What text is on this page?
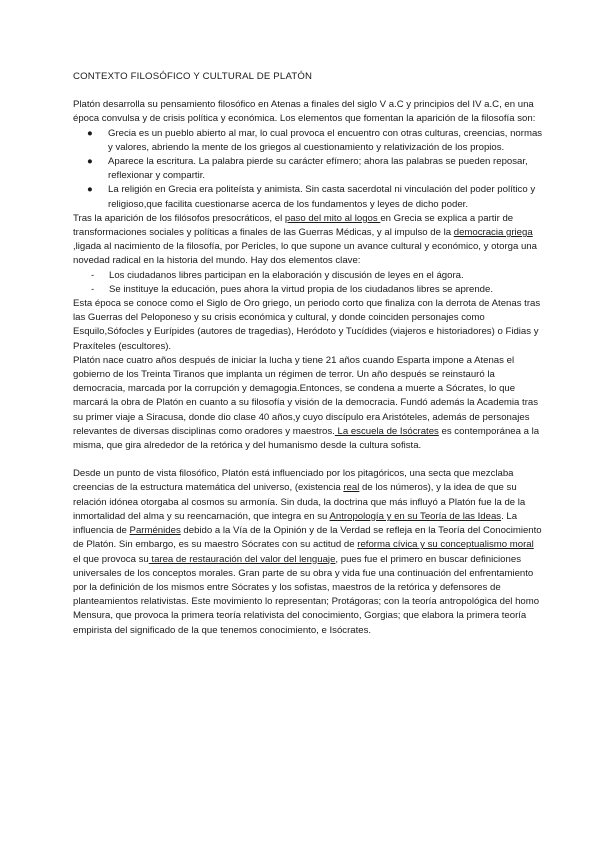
CONTEXTO FILOSÓFICO Y CULTURAL DE PLATÓN

Platón desarrolla su pensamiento filosófico en Atenas a finales del siglo V a.C y principios del IV a.C, en una época convulsa y de crisis política y económica. Los elementos que fomentan la aparición de la filosofía son:

● Grecia es un pueblo abierto al mar, lo cual provoca el encuentro con otras culturas, creencias, normas y valores, abriendo la mente de los griegos al cuestionamiento y relativización de los propios.
● Aparece la escritura. La palabra pierde su carácter efímero; ahora las palabras se pueden reposar, reflexionar y compartir.
● La religión en Grecia era politeísta y animista. Sin casta sacerdotal ni vinculación del poder político y religioso,que facilita cuestionarse acerca de los fundamentos y leyes de dicho poder.

Tras la aparición de los filósofos presocráticos, el paso del mito al logos en Grecia se explica a partir de transformaciones sociales y políticas a finales de las Guerras Médicas, y al impulso de la democracia griega ,ligada al nacimiento de la filosofía, por Pericles, lo que supone un avance cultural y económico, y otorga una novedad radical en la historia del mundo. Hay dos elementos clave:

- Los ciudadanos libres participan en la elaboración y discusión de leyes en el ágora.
- Se instituye la educación, pues ahora la virtud propia de los ciudadanos libres se aprende.

Esta época se conoce como el Siglo de Oro griego, un periodo corto que finaliza con la derrota de Atenas tras las Guerras del Peloponeso y su crisis económica y cultural, y donde coinciden personajes como Esquilo,Sófocles y Eurípides (autores de tragedias), Heródoto y Tucídides (viajeros e historiadores) o Fidias y Praxíteles (escultores).

Platón nace cuatro años después de iniciar la lucha y tiene 21 años cuando Esparta impone a Atenas el gobierno de los Treinta Tiranos que implanta un régimen de terror. Un año después se reinstauró la democracia, marcada por la corrupción y demagogia.Entonces, se condena a muerte a Sócrates, lo que marcará la obra de Platón en cuanto a su filosofía y visión de la democracia. Fundó además la Academia tras su primer viaje a Siracusa, donde dio clase 40 años,y cuyo discípulo era Aristóteles, además de personajes relevantes de diversas disciplinas como oradores y maestros. La escuela de Isócrates es contemporánea a la misma, que gira alrededor de la retórica y del humanismo desde la cultura sofista.

Desde un punto de vista filosófico, Platón está influenciado por los pitagóricos, una secta que mezclaba creencias de la estructura matemática del universo, (existencia real de los números), y la idea de que su relación idónea otorgaba al cosmos su armonía. Sin duda, la doctrina que más influyó a Platón fue la de la inmortalidad del alma y su reencarnación, que integra en su Antropología y en su Teoría de las Ideas. La influencia de Parménides debido a la Vía de la Opinión y de la Verdad se refleja en la Teoría del Conocimiento de Platón. Sin embargo, es su maestro Sócrates con su actitud de reforma cívica y su conceptualismo moral el que provoca su tarea de restauración del valor del lenguaje, pues fue el primero en buscar definiciones universales de los conceptos morales. Gran parte de su obra y vida fue una continuación del enfrentamiento por la definición de los mismos entre Sócrates y los sofistas, maestros de la retórica y defensores de planteamientos relativistas. Este movimiento lo representan; Protágoras; con la teoría antropológica del homo Mensura, que provoca la primera teoría relativista del conocimiento, Gorgias; que elabora la primera teoría empirista del significado de la que tenemos conocimiento, e Isócrates.
